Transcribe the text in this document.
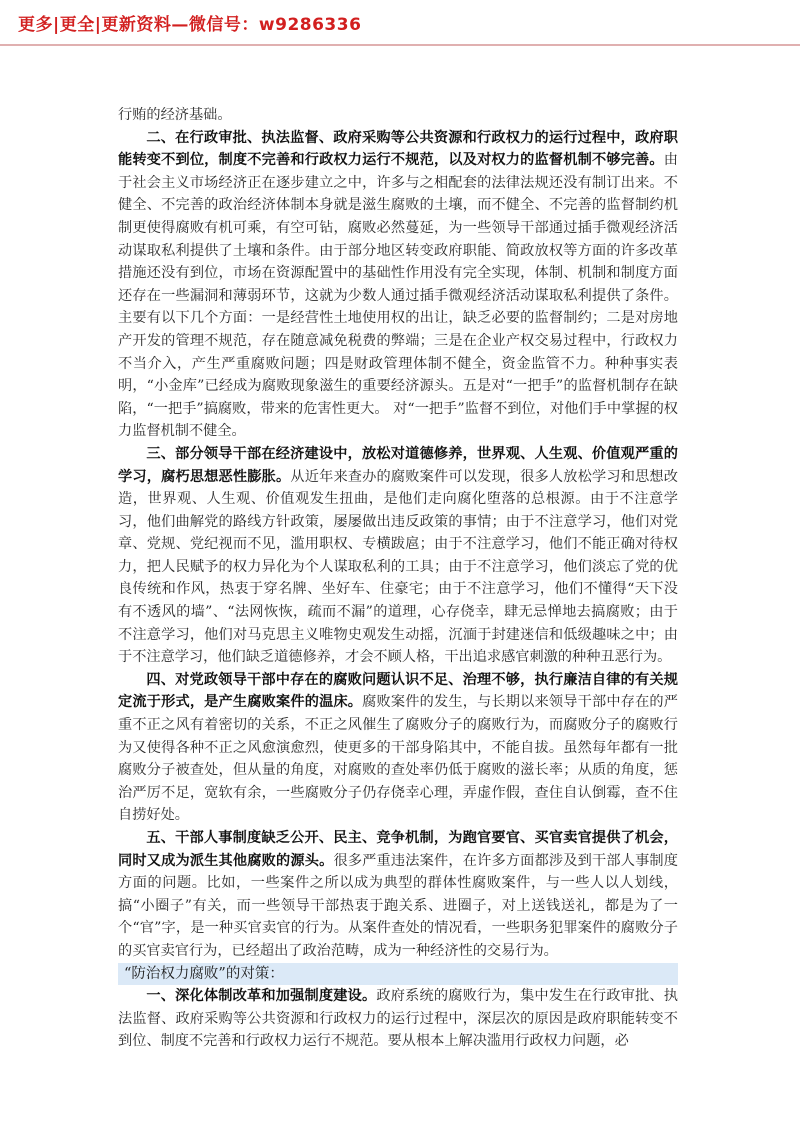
更多|更全|更新资料—微信号：w9286336

行贿的经济基础。

二、在行政审批、执法监督、政府采购等公共资源和行政权力的运行过程中，政府职能转变不到位，制度不完善和行政权力运行不规范，以及对权力的监督机制不够完善。由于社会主义市场经济正在逐步建立之中，许多与之相配套的法律法规还没有制订出来。不健全、不完善的政治经济体制本身就是滋生腐败的土壤，而不健全、不完善的监督制约机制更使得腐败有机可乘，有空可钻，腐败必然蔓延，为一些领导干部通过插手微观经济活动谋取私利提供了土壤和条件。由于部分地区转变政府职能、简政放权等方面的许多改革措施还没有到位，市场在资源配置中的基础性作用没有完全实现，体制、机制和制度方面还存在一些漏洞和薄弱环节，这就为少数人通过插手微观经济活动谋取私利提供了条件。主要有以下几个方面：一是经营性土地使用权的出让，缺乏必要的监督制约；二是对房地产开发的管理不规范，存在随意减免税费的弊端；三是在企业产权交易过程中，行政权力不当介入，产生严重腐败问题；四是财政管理体制不健全，资金监管不力。种种事实表明，“小金库”已经成为腐败现象滋生的重要经济源头。五是对“一把手”的监督机制存在缺陷，“一把手”搞腐败，带来的危害性更大。 对“一把手”监督不到位，对他们手中掌握的权力监督机制不健全。

三、部分领导干部在经济建设中，放松对道德修养，世界观、人生观、价值观严重的学习，腐朽思想恶性膨胀。从近年来查办的腐败案件可以发现，很多人放松学习和思想改造，世界观、人生观、价值观发生扭曲，是他们走向腐化堕落的总根源。由于不注意学习，他们曲解党的路线方针政策，屡屡做出违反政策的事情；由于不注意学习，他们对党章、党规、党纪视而不见，滥用职权、专横跋扈；由于不注意学习，他们不能正确对待权力，把人民赋予的权力异化为个人谋取私利的工具；由于不注意学习，他们淡忘了党的优良传统和作风，热衷于穿名牌、坐好车、住豪宅；由于不注意学习，他们不懂得“天下没有不透风的墙”、“法网恢恢，疏而不漏”的道理，心存侥幸，肆无忌惮地去搞腐败；由于不注意学习，他们对马克思主义唯物史观发生动摇，沉湎于封建迷信和低级趣味之中；由于不注意学习，他们缺乏道德修养，才会不顾人格，干出追求感官刺激的种种丑恶行为。

四、对党政领导干部中存在的腐败问题认识不足、治理不够，执行廉洁自律的有关规定流于形式，是产生腐败案件的温床。腐败案件的发生，与长期以来领导干部中存在的严重不正之风有着密切的关系，不正之风催生了腐败分子的腐败行为，而腐败分子的腐败行为又使得各种不正之风愈演愈烈，使更多的干部身陷其中，不能自拔。虽然每年都有一批腐败分子被查处，但从量的角度，对腐败的查处率仍低于腐败的滋长率；从质的角度，惩治严厉不足，宽软有余，一些腐败分子仍存侥幸心理，弄虚作假，查住自认倒霉，查不住自捞好处。

五、干部人事制度缺乏公开、民主、竞争机制，为跑官要官、买官卖官提供了机会，同时又成为派生其他腐败的源头。很多严重违法案件，在许多方面都涉及到干部人事制度方面的问题。比如，一些案件之所以成为典型的群体性腐败案件，与一些人以人划线，搞“小圈子”有关，而一些领导干部热衷于跑关系、进圈子，对上送钱送礼，都是为了一个“官”字，是一种买官卖官的行为。从案件查处的情况看，一些职务犯罪案件的腐败分子的买官卖官行为，已经超出了政治范畴，成为一种经济性的交易行为。

“防治权力腐败”的对策：

一、深化体制改革和加强制度建设。政府系统的腐败行为，集中发生在行政审批、执法监督、政府采购等公共资源和行政权力的运行过程中，深层次的原因是政府职能转变不到位、制度不完善和行政权力运行不规范。要从根本上解决滥用行政权力问题，必
